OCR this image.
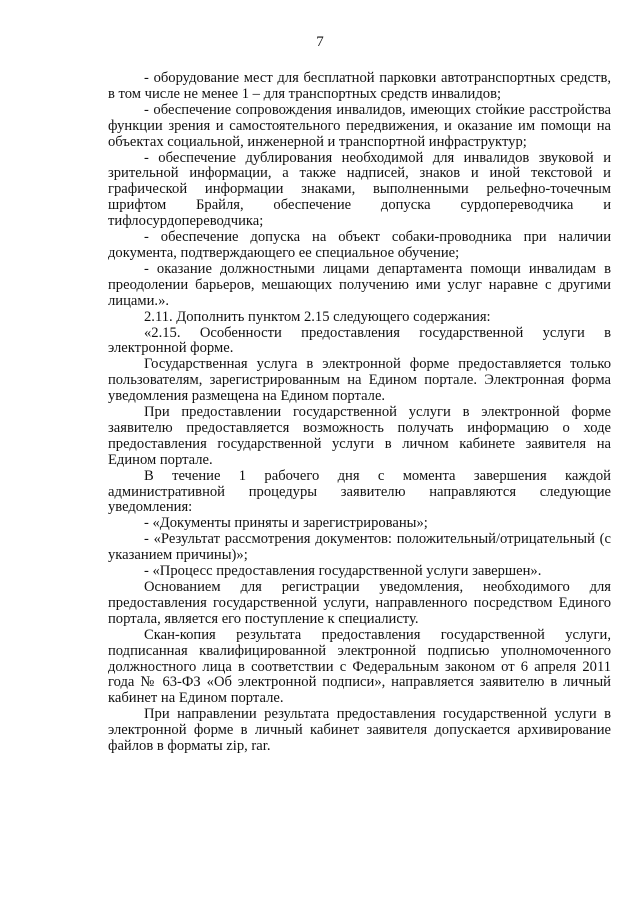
7

- оборудование мест для бесплатной парковки автотранспортных средств, в том числе не менее 1 – для транспортных средств инвалидов;

- обеспечение сопровождения инвалидов, имеющих стойкие расстройства функции зрения и самостоятельного передвижения, и оказание им помощи на объектах социальной, инженерной и транспортной инфраструктур;

- обеспечение дублирования необходимой для инвалидов звуковой и зрительной информации, а также надписей, знаков и иной текстовой и графической информации знаками, выполненными рельефно-точечным шрифтом Брайля, обеспечение допуска сурдопереводчика и тифлосурдопереводчика;

- обеспечение допуска на объект собаки-проводника при наличии документа, подтверждающего ее специальное обучение;

- оказание должностными лицами департамента помощи инвалидам в преодолении барьеров, мешающих получению ими услуг наравне с другими лицами.».

2.11. Дополнить пунктом 2.15 следующего содержания:

«2.15. Особенности предоставления государственной услуги в электронной форме.

Государственная услуга в электронной форме предоставляется только пользователям, зарегистрированным на Едином портале. Электронная форма уведомления размещена на Едином портале.

При предоставлении государственной услуги в электронной форме заявителю предоставляется возможность получать информацию о ходе предоставления государственной услуги в личном кабинете заявителя на Едином портале.

В течение 1 рабочего дня с момента завершения каждой административной процедуры заявителю направляются следующие уведомления:

- «Документы приняты и зарегистрированы»;

- «Результат рассмотрения документов: положительный/отрицательный (с указанием причины)»;

- «Процесс предоставления государственной услуги завершен».

Основанием для регистрации уведомления, необходимого для предоставления государственной услуги, направленного посредством Единого портала, является его поступление к специалисту.

Скан-копия результата предоставления государственной услуги, подписанная квалифицированной электронной подписью уполномоченного должностного лица в соответствии с Федеральным законом от 6 апреля 2011 года № 63-ФЗ «Об электронной подписи», направляется заявителю в личный кабинет на Едином портале.

При направлении результата предоставления государственной услуги в электронной форме в личный кабинет заявителя допускается архивирование файлов в форматы zip, rar.
